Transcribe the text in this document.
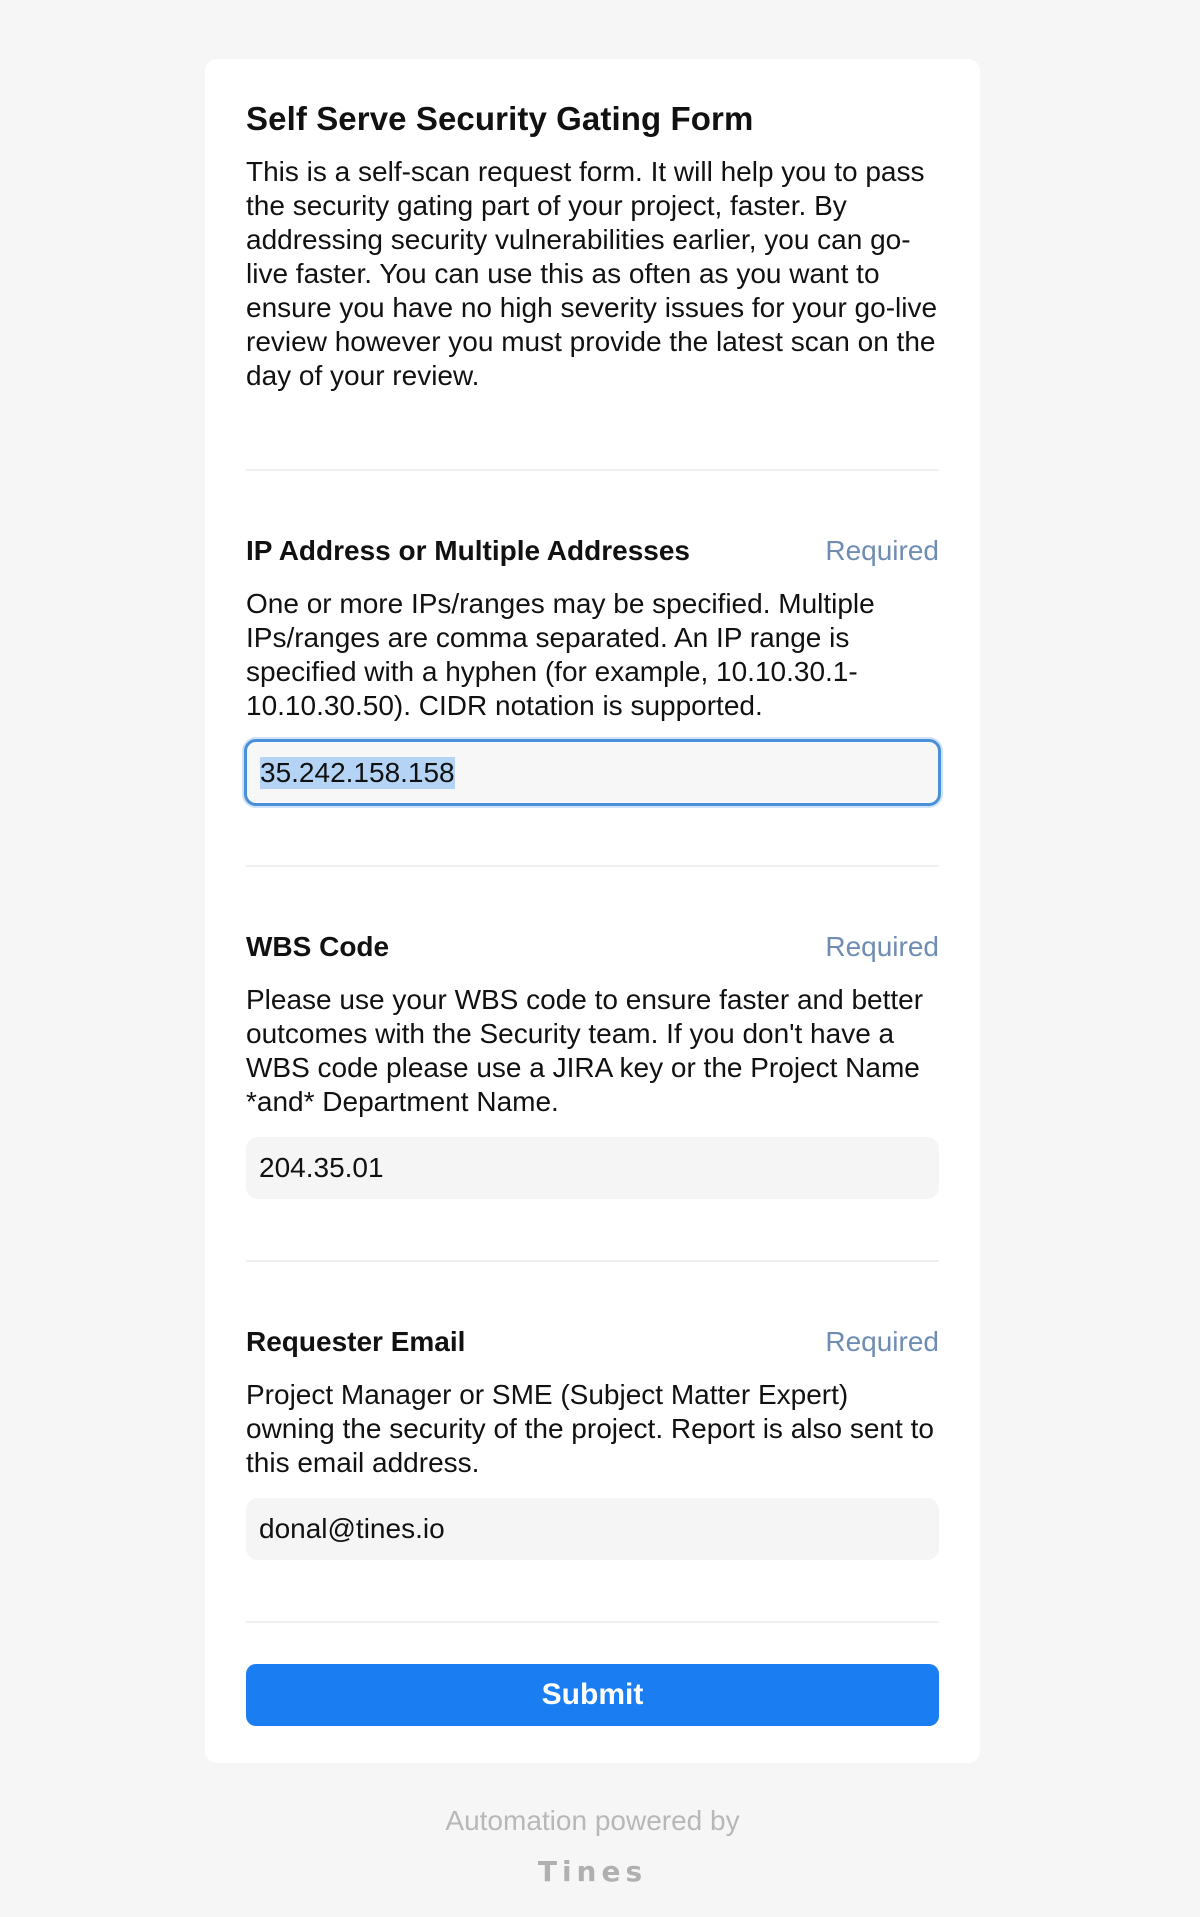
Self Serve Security Gating Form
This is a self-scan request form. It will help you to pass the security gating part of your project, faster. By addressing security vulnerabilities earlier, you can go-live faster. You can use this as often as you want to ensure you have no high severity issues for your go-live review however you must provide the latest scan on the day of your review.
IP Address or Multiple Addresses	Required
One or more IPs/ranges may be specified. Multiple IPs/ranges are comma separated. An IP range is specified with a hyphen (for example, 10.10.30.1-10.10.30.50). CIDR notation is supported.
35.242.158.158
WBS Code	Required
Please use your WBS code to ensure faster and better outcomes with the Security team. If you don't have a WBS code please use a JIRA key or the Project Name *and* Department Name.
204.35.01
Requester Email	Required
Project Manager or SME (Subject Matter Expert) owning the security of the project. Report is also sent to this email address.
donal@tines.io
Submit
Automation powered by
Tines
